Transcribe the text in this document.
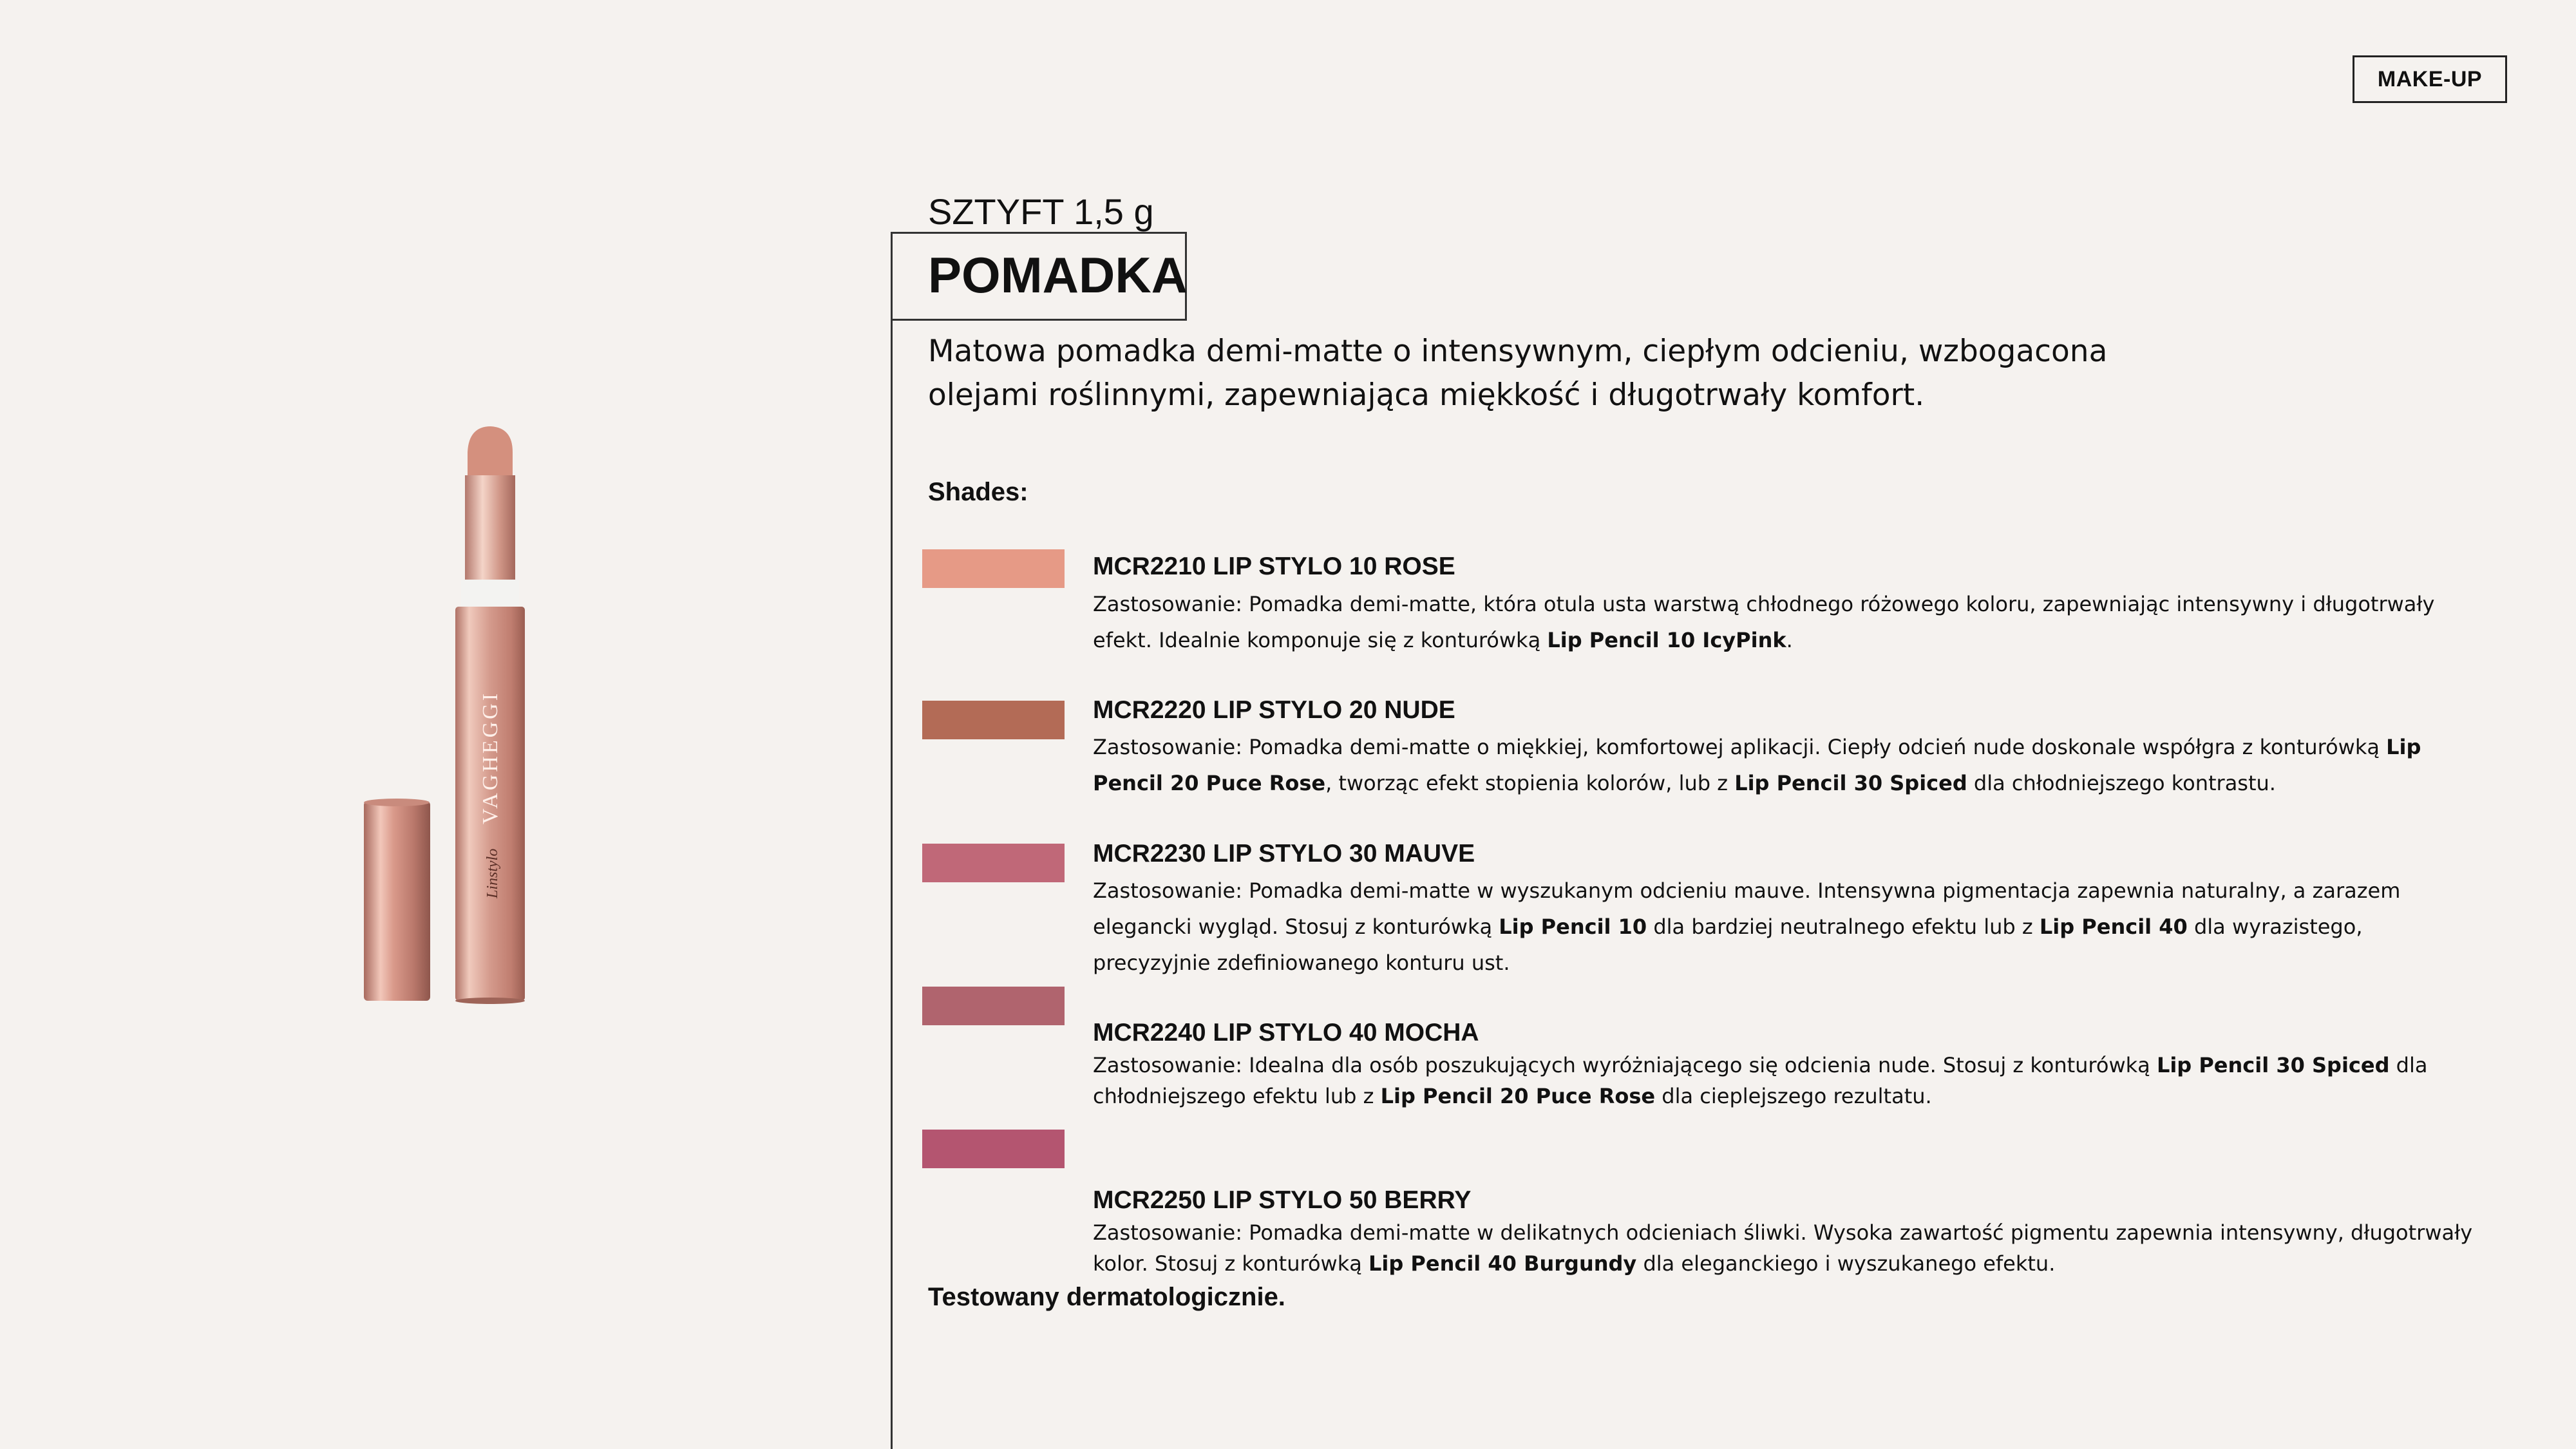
MAKE-UP
VAGHEGGI
Linstylo
SZTYFT 1,5 g
POMADKA
Matowa pomadka demi-matte o intensywnym, ciepłym odcieniu, wzbogacona olejami roślinnymi, zapewniająca miękkość i długotrwały komfort.
Shades:
MCR2210 LIP STYLO 10 ROSE
Zastosowanie: Pomadka demi-matte, która otula usta warstwą chłodnego różowego koloru, zapewniając intensywny i długotrwały efekt. Idealnie komponuje się z konturówką Lip Pencil 10 IcyPink.
MCR2220 LIP STYLO 20 NUDE
Zastosowanie: Pomadka demi-matte o miękkiej, komfortowej aplikacji. Ciepły odcień nude doskonale współgra z konturówką Lip Pencil 20 Puce Rose, tworząc efekt stopienia kolorów, lub z Lip Pencil 30 Spiced dla chłodniejszego kontrastu.
MCR2230 LIP STYLO 30 MAUVE
Zastosowanie: Pomadka demi-matte w wyszukanym odcieniu mauve. Intensywna pigmentacja zapewnia naturalny, a zarazem elegancki wygląd. Stosuj z konturówką Lip Pencil 10 dla bardziej neutralnego efektu lub z Lip Pencil 40 dla wyrazistego, precyzyjnie zdefiniowanego konturu ust.
MCR2240 LIP STYLO 40 MOCHA
Zastosowanie: Idealna dla osób poszukujących wyróżniającego się odcienia nude. Stosuj z konturówką Lip Pencil 30 Spiced dla chłodniejszego efektu lub z Lip Pencil 20 Puce Rose dla cieplejszego rezultatu.
MCR2250 LIP STYLO 50 BERRY
Zastosowanie: Pomadka demi-matte w delikatnych odcieniach śliwki. Wysoka zawartość pigmentu zapewnia intensywny, długotrwały kolor. Stosuj z konturówką Lip Pencil 40 Burgundy dla eleganckiego i wyszukanego efektu.
Testowany dermatologicznie.
